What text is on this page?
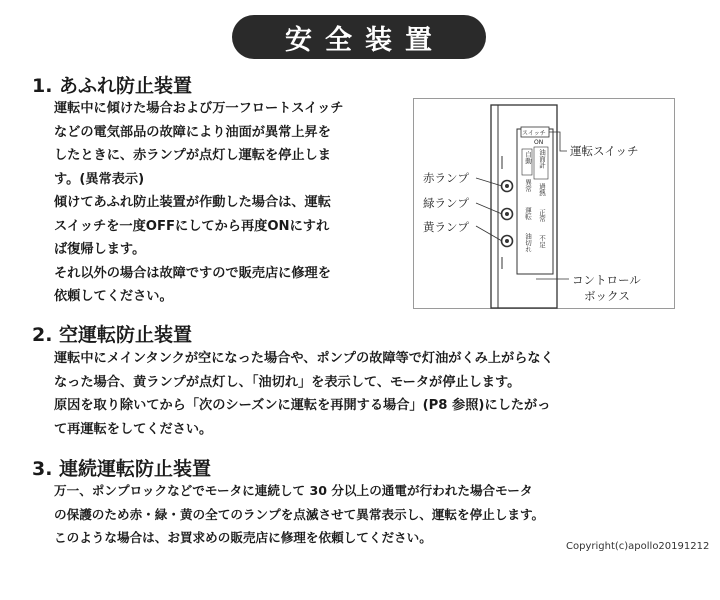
安全装置
1. あふれ防止装置
運転中に傾けた場合および万一フロートスイッチ
などの電気部品の故障により油面が異常上昇を
したときに、赤ランプが点灯し運転を停止しま
す。(異常表示)
傾けてあふれ防止装置が作動した場合は、運転
スイッチを一度OFFにしてから再度ONにすれ
ば復帰します。
それ以外の場合は故障ですので販売店に修理を
依頼してください。
スイッチ
ON
自動 油面計
異常 過熱
運転 正常
油切れ 不足
赤ランプ
緑ランプ
黄ランプ
運転スイッチ
コントロール
ボックス
2. 空運転防止装置
運転中にメインタンクが空になった場合や、ポンプの故障等で灯油がくみ上がらなく
なった場合、黄ランプが点灯し、「油切れ」を表示して、モータが停止します。
原因を取り除いてから「次のシーズンに運転を再開する場合」(P8 参照)にしたがっ
て再運転をしてください。
3. 連続運転防止装置
万一、ポンプロックなどでモータに連続して 30 分以上の通電が行われた場合モータ
の保護のため赤・緑・黄の全てのランプを点滅させて異常表示し、運転を停止します。
このような場合は、お買求めの販売店に修理を依頼してください。
Copyright(c)apollo20191212
